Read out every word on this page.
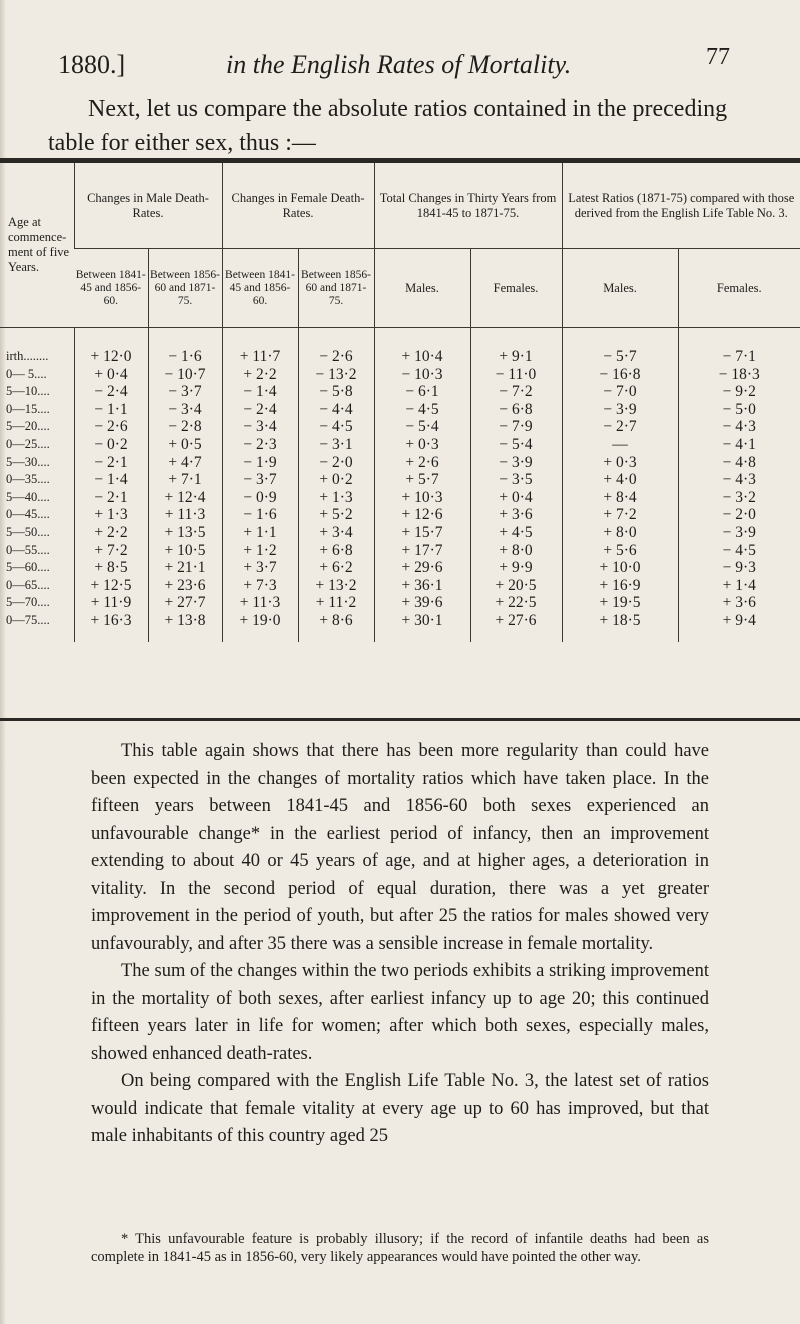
1880.]	in the English Rates of Mortality.	77

Next, let us compare the absolute ratios contained in the preceding table for either sex, thus :—

Age at commence-ment of five Years.	Changes in Male Death-Rates.		Changes in Female Death-Rates.		Total Changes in Thirty Years from 1841-45 to 1871-75.		Latest Ratios (1871-75) compared with those derived from the English Life Table No. 3.	
	Between 1841-45 and 1856-60.	Between 1856-60 and 1871-75.	Between 1841-45 and 1856-60.	Between 1856-60 and 1871-75.	Males.	Females.	Males.	Females.
irth........	+ 12·0	− 1·6	+ 11·7	− 2·6	+ 10·4	+ 9·1	− 5·7	− 7·1
0— 5....	+ 0·4	− 10·7	+ 2·2	− 13·2	− 10·3	− 11·0	− 16·8	− 18·3
5—10....	− 2·4	− 3·7	− 1·4	− 5·8	− 6·1	− 7·2	− 7·0	− 9·2
0—15....	− 1·1	− 3·4	− 2·4	− 4·4	− 4·5	− 6·8	− 3·9	− 5·0
5—20....	− 2·6	− 2·8	− 3·4	− 4·5	− 5·4	− 7·9	− 2·7	− 4·3
0—25....	− 0·2	+ 0·5	− 2·3	− 3·1	+ 0·3	− 5·4	—	− 4·1
5—30....	− 2·1	+ 4·7	− 1·9	− 2·0	+ 2·6	− 3·9	+ 0·3	− 4·8
0—35....	− 1·4	+ 7·1	− 3·7	+ 0·2	+ 5·7	− 3·5	+ 4·0	− 4·3
5—40....	− 2·1	+ 12·4	− 0·9	+ 1·3	+ 10·3	+ 0·4	+ 8·4	− 3·2
0—45....	+ 1·3	+ 11·3	− 1·6	+ 5·2	+ 12·6	+ 3·6	+ 7·2	− 2·0
5—50....	+ 2·2	+ 13·5	+ 1·1	+ 3·4	+ 15·7	+ 4·5	+ 8·0	− 3·9
0—55....	+ 7·2	+ 10·5	+ 1·2	+ 6·8	+ 17·7	+ 8·0	+ 5·6	− 4·5
5—60....	+ 8·5	+ 21·1	+ 3·7	+ 6·2	+ 29·6	+ 9·9	+ 10·0	− 9·3
0—65....	+ 12·5	+ 23·6	+ 7·3	+ 13·2	+ 36·1	+ 20·5	+ 16·9	+ 1·4
5—70....	+ 11·9	+ 27·7	+ 11·3	+ 11·2	+ 39·6	+ 22·5	+ 19·5	+ 3·6
0—75....	+ 16·3	+ 13·8	+ 19·0	+ 8·6	+ 30·1	+ 27·6	+ 18·5	+ 9·4

This table again shows that there has been more regularity than could have been expected in the changes of mortality ratios which have taken place. In the fifteen years between 1841-45 and 1856-60 both sexes experienced an unfavourable change* in the earliest period of infancy, then an improvement extending to about 40 or 45 years of age, and at higher ages, a deterioration in vitality. In the second period of equal duration, there was a yet greater improvement in the period of youth, but after 25 the ratios for males showed very unfavourably, and after 35 there was a sensible increase in female mortality.

The sum of the changes within the two periods exhibits a striking improvement in the mortality of both sexes, after earliest infancy up to age 20; this continued fifteen years later in life for women; after which both sexes, especially males, showed enhanced death-rates.

On being compared with the English Life Table No. 3, the latest set of ratios would indicate that female vitality at every age up to 60 has improved, but that male inhabitants of this country aged 25

* This unfavourable feature is probably illusory; if the record of infantile deaths had been as complete in 1841-45 as in 1856-60, very likely appearances would have pointed the other way.
